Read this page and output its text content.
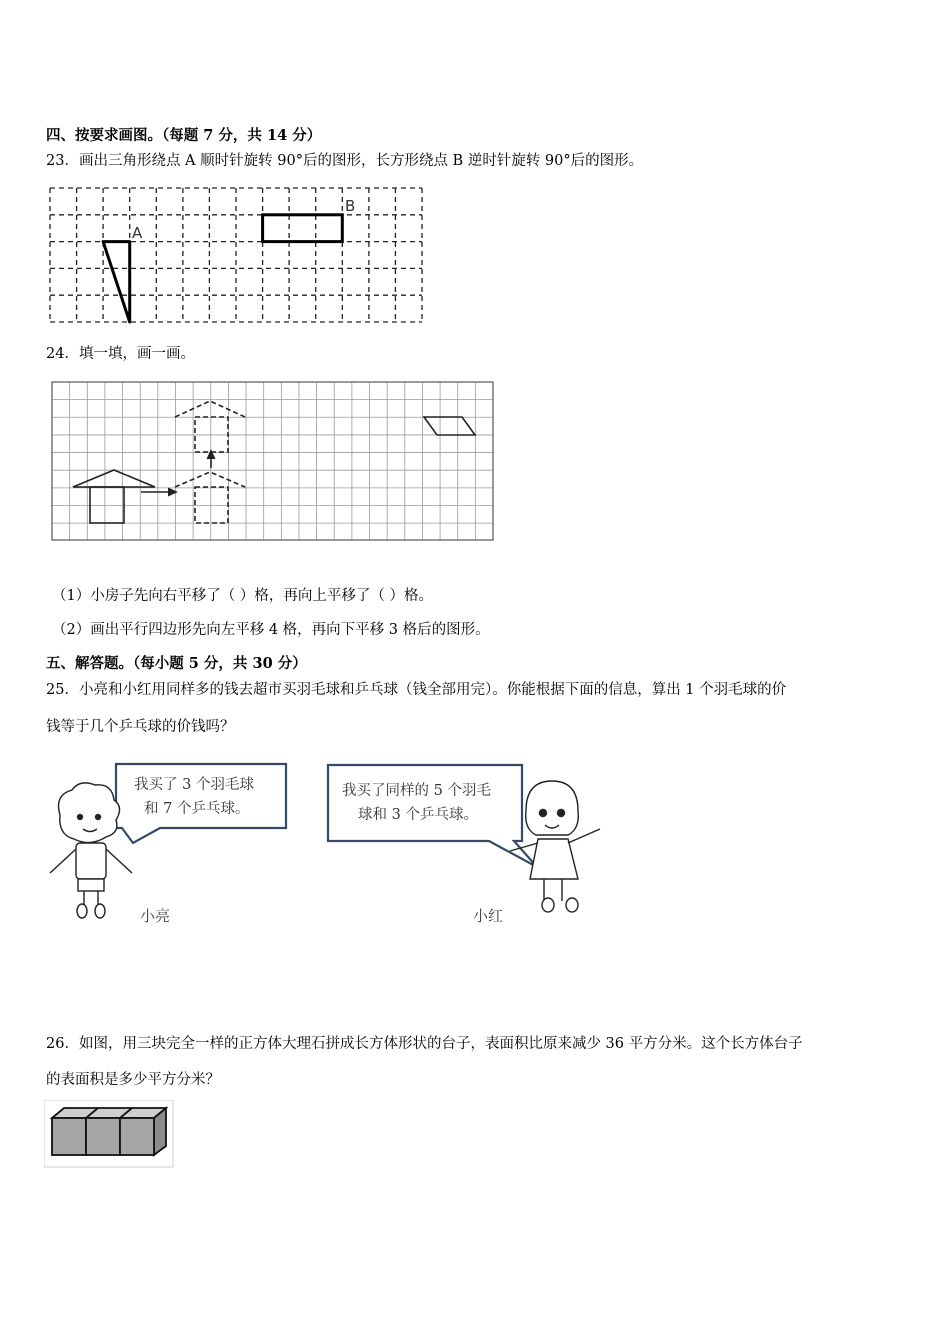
四、按要求画图。（每题 7 分，共 14 分）
23．画出三角形绕点 A 顺时针旋转 90°后的图形，长方形绕点 B 逆时针旋转 90°后的图形。
A
B
24．填一填，画一画。
（1）小房子先向右平移了（ ）格，再向上平移了（ ）格。
（2）画出平行四边形先向左平移 4 格，再向下平移 3 格后的图形。
五、解答题。（每小题 5 分，共 30 分）
25．小亮和小红用同样多的钱去超市买羽毛球和乒乓球（钱全部用完）。你能根据下面的信息，算出 1 个羽毛球的价
钱等于几个乒乓球的价钱吗？
我买了 3 个羽毛球
和 7 个乒乓球。
我买了同样的 5 个羽毛
球和 3 个乒乓球。
小亮	小红
26．如图，用三块完全一样的正方体大理石拼成长方体形状的台子，表面积比原来减少 36 平方分米。这个长方体台子
的表面积是多少平方分米？
